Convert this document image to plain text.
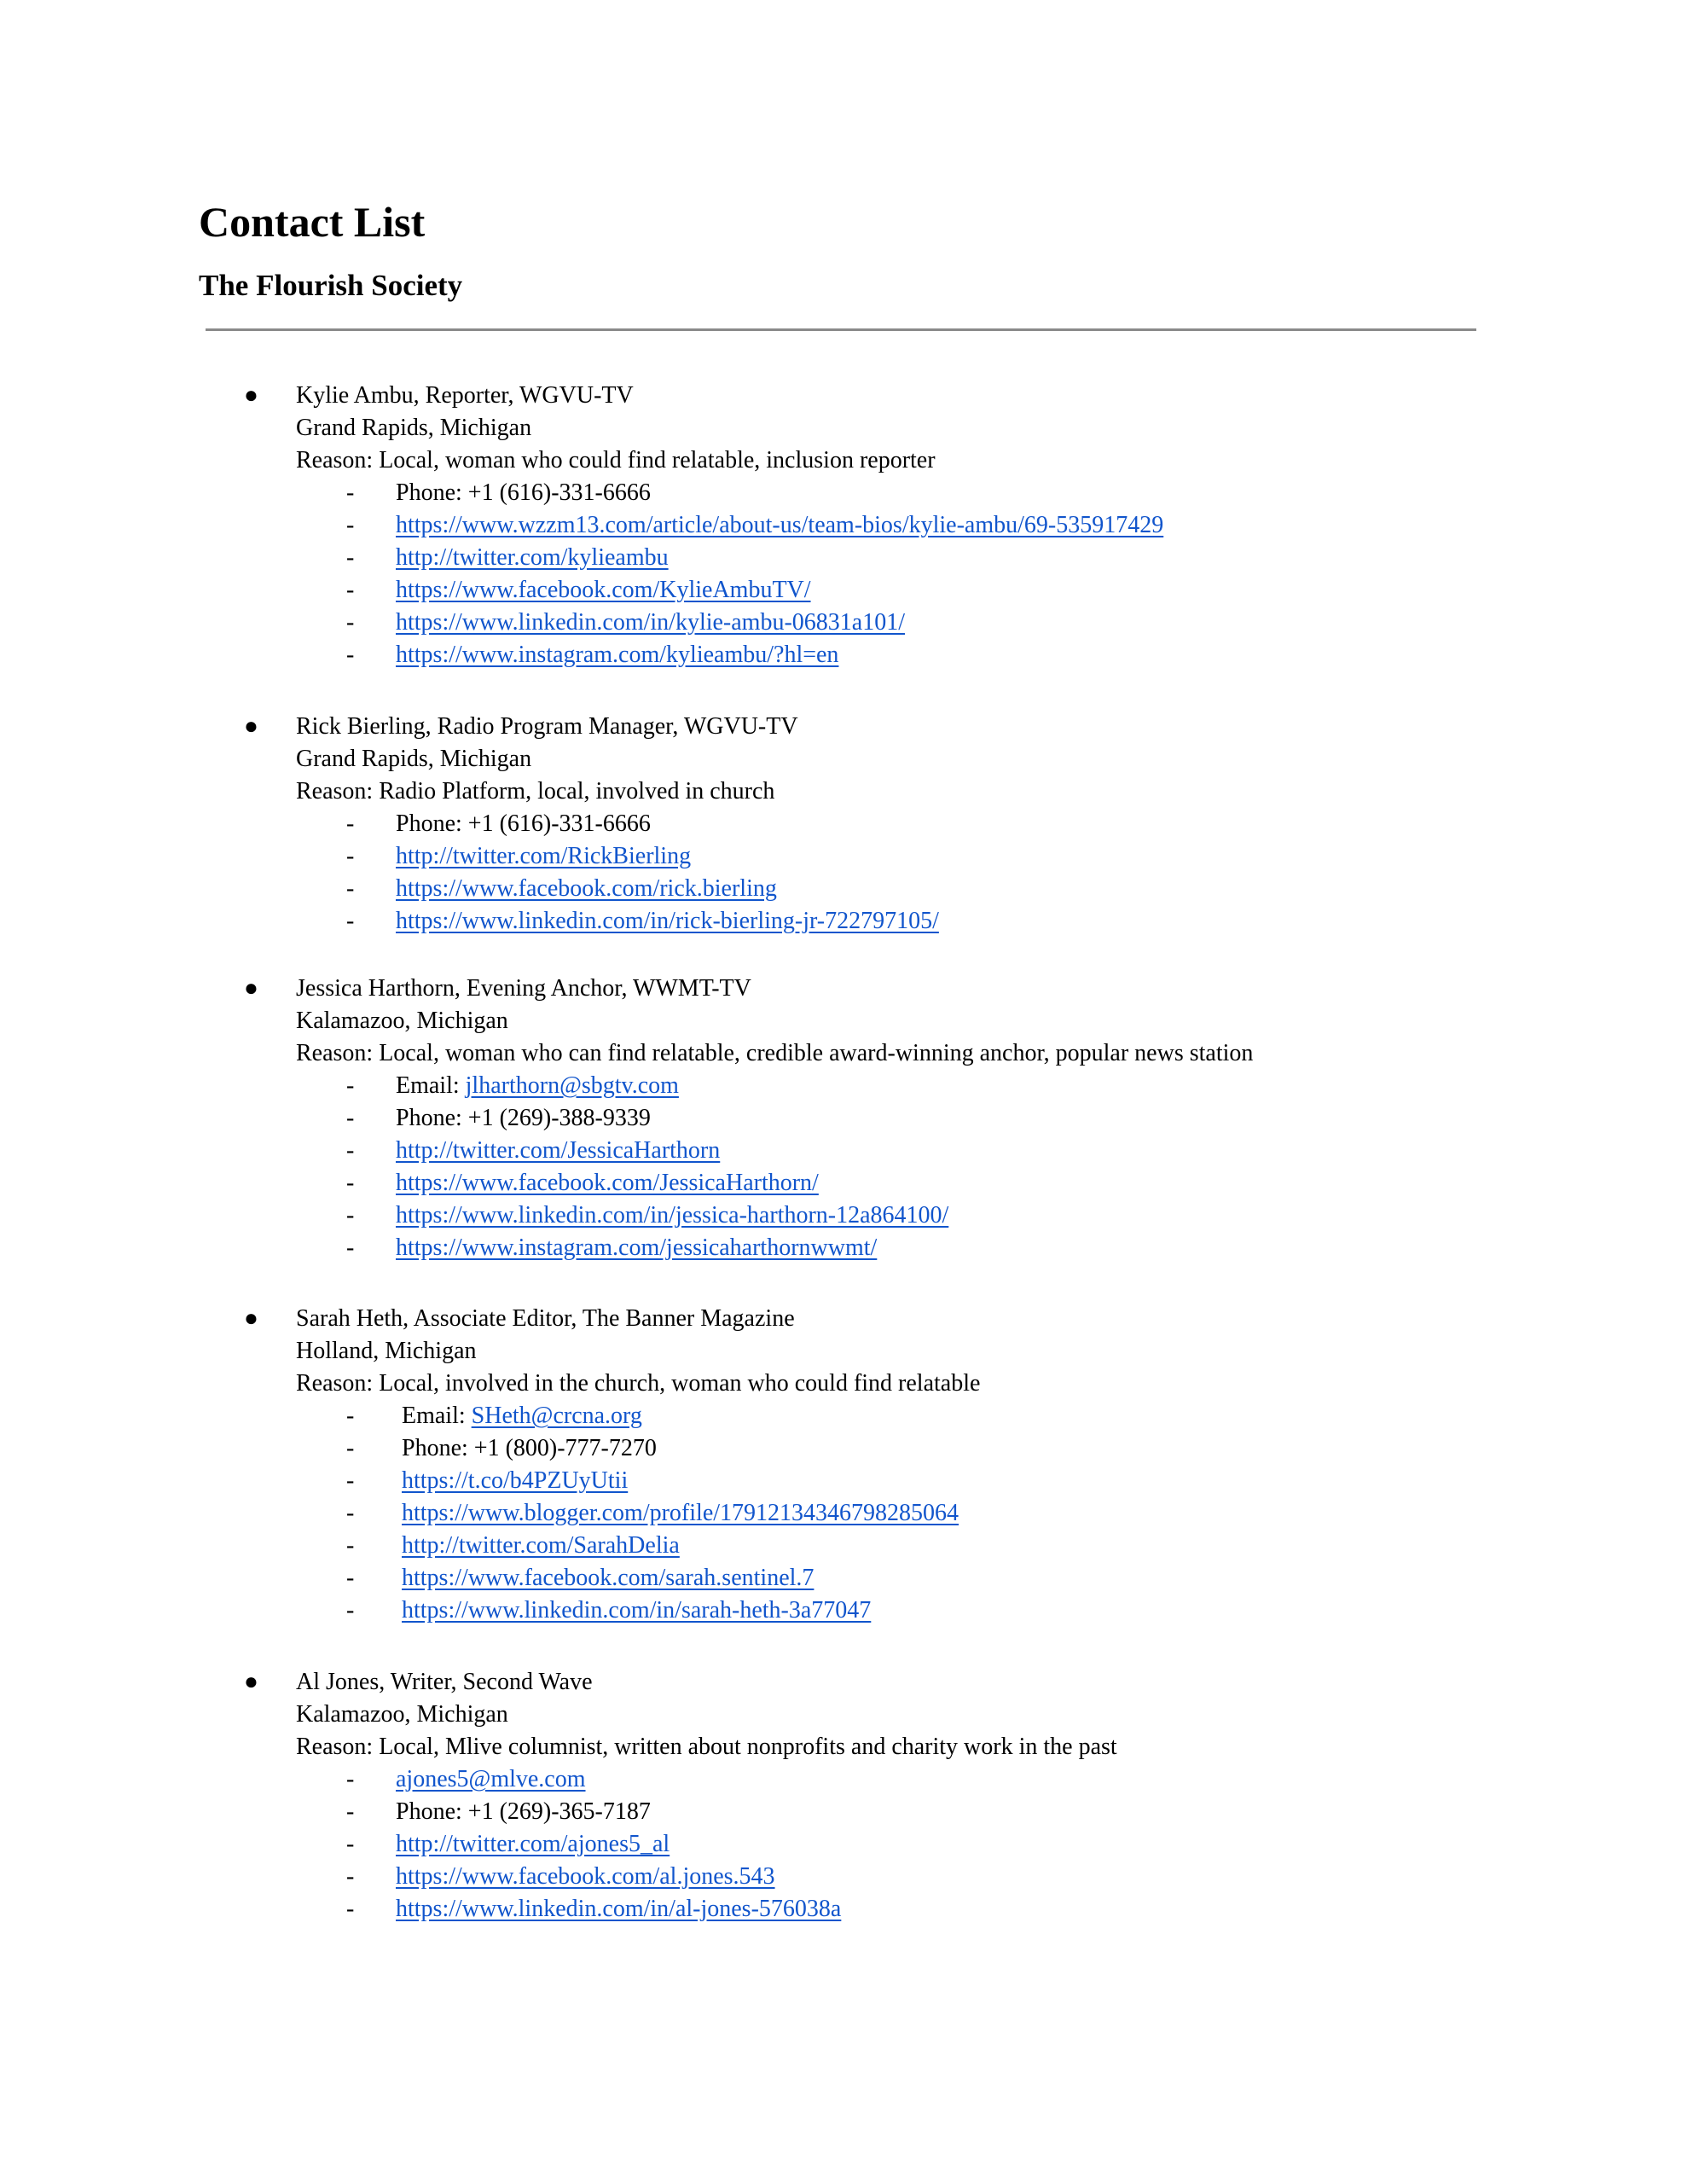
Contact List
The Flourish Society
● Kylie Ambu, Reporter, WGVU-TV
Grand Rapids, Michigan
Reason: Local, woman who could find relatable, inclusion reporter
- Phone: +1 (616)-331-6666
- https://www.wzzm13.com/article/about-us/team-bios/kylie-ambu/69-535917429
- http://twitter.com/kylieambu
- https://www.facebook.com/KylieAmbuTV/
- https://www.linkedin.com/in/kylie-ambu-06831a101/
- https://www.instagram.com/kylieambu/?hl=en
● Rick Bierling, Radio Program Manager, WGVU-TV
Grand Rapids, Michigan
Reason: Radio Platform, local, involved in church
- Phone: +1 (616)-331-6666
- http://twitter.com/RickBierling
- https://www.facebook.com/rick.bierling
- https://www.linkedin.com/in/rick-bierling-jr-722797105/
● Jessica Harthorn, Evening Anchor, WWMT-TV
Kalamazoo, Michigan
Reason: Local, woman who can find relatable, credible award-winning anchor, popular news station
- Email: jlharthorn@sbgtv.com
- Phone: +1 (269)-388-9339
- http://twitter.com/JessicaHarthorn
- https://www.facebook.com/JessicaHarthorn/
- https://www.linkedin.com/in/jessica-harthorn-12a864100/
- https://www.instagram.com/jessicaharthornwwmt/
● Sarah Heth, Associate Editor, The Banner Magazine
Holland, Michigan
Reason: Local, involved in the church, woman who could find relatable
- Email: SHeth@crcna.org
- Phone: +1 (800)-777-7270
- https://t.co/b4PZUyUtii
- https://www.blogger.com/profile/17912134346798285064
- http://twitter.com/SarahDelia
- https://www.facebook.com/sarah.sentinel.7
- https://www.linkedin.com/in/sarah-heth-3a77047
● Al Jones, Writer, Second Wave
Kalamazoo, Michigan
Reason: Local, Mlive columnist, written about nonprofits and charity work in the past
- ajones5@mlve.com
- Phone: +1 (269)-365-7187
- http://twitter.com/ajones5_al
- https://www.facebook.com/al.jones.543
- https://www.linkedin.com/in/al-jones-576038a
